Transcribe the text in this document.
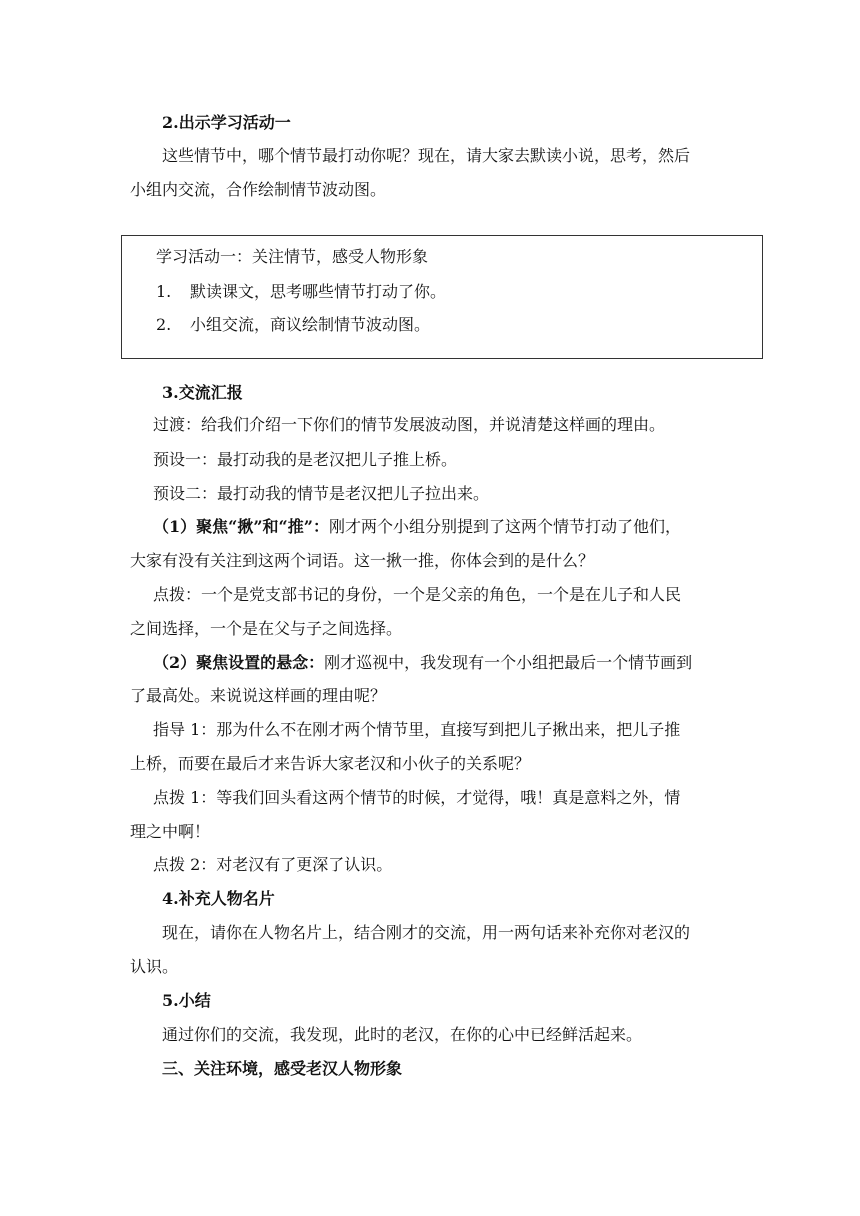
2.出示学习活动一
这些情节中，哪个情节最打动你呢？现在，请大家去默读小说，思考，然后
小组内交流，合作绘制情节波动图。
学习活动一：关注情节，感受人物形象
1. 默读课文，思考哪些情节打动了你。
2. 小组交流，商议绘制情节波动图。
3.交流汇报
过渡：给我们介绍一下你们的情节发展波动图，并说清楚这样画的理由。
预设一：最打动我的是老汉把儿子推上桥。
预设二：最打动我的情节是老汉把儿子拉出来。
（1）聚焦“揪”和“推”：刚才两个小组分别提到了这两个情节打动了他们，
大家有没有关注到这两个词语。这一揪一推，你体会到的是什么？
点拨：一个是党支部书记的身份，一个是父亲的角色，一个是在儿子和人民
之间选择，一个是在父与子之间选择。
（2）聚焦设置的悬念：刚才巡视中，我发现有一个小组把最后一个情节画到
了最高处。来说说这样画的理由呢？
指导 1：那为什么不在刚才两个情节里，直接写到把儿子揪出来，把儿子推
上桥，而要在最后才来告诉大家老汉和小伙子的关系呢？
点拨 1：等我们回头看这两个情节的时候，才觉得，哦！真是意料之外，情
理之中啊！
点拨 2：对老汉有了更深了认识。
4.补充人物名片
现在，请你在人物名片上，结合刚才的交流，用一两句话来补充你对老汉的
认识。
5.小结
通过你们的交流，我发现，此时的老汉，在你的心中已经鲜活起来。
三、关注环境，感受老汉人物形象
